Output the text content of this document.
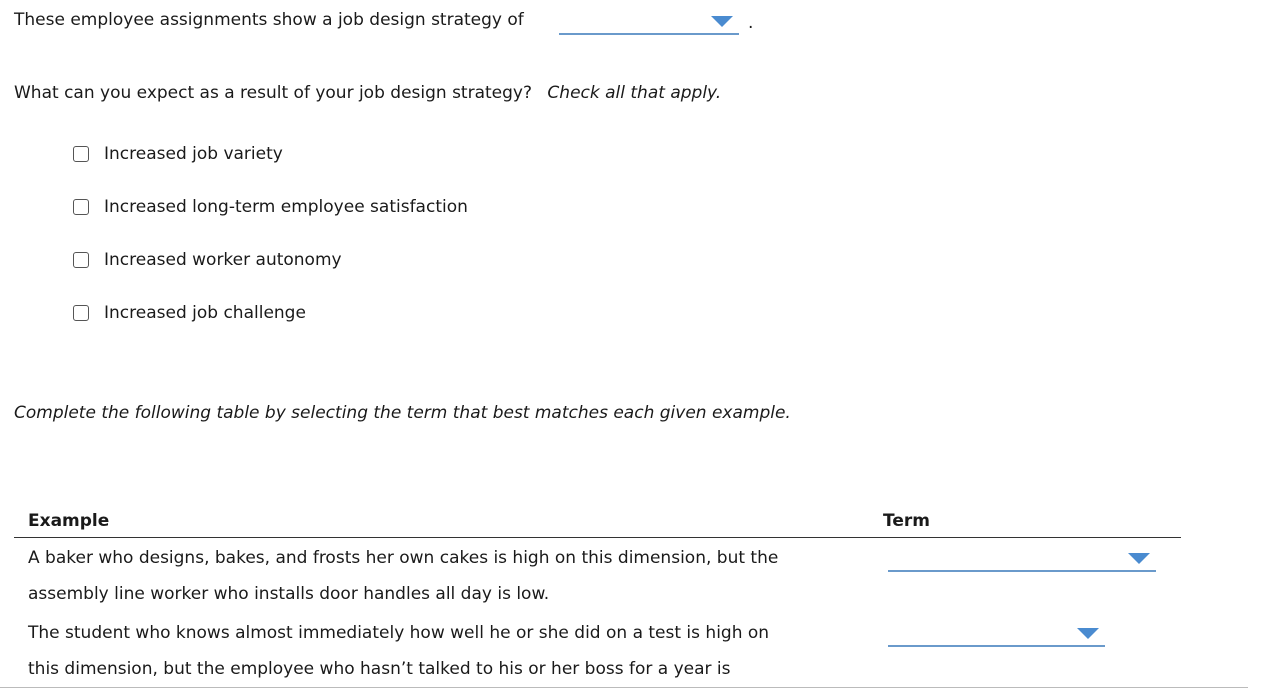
These employee assignments show a job design strategy of	.
What can you expect as a result of your job design strategy? Check all that apply.
Increased job variety
Increased long-term employee satisfaction
Increased worker autonomy
Increased job challenge
Complete the following table by selecting the term that best matches each given example.
Example	Term
A baker who designs, bakes, and frosts her own cakes is high on this dimension, but the
assembly line worker who installs door handles all day is low.
The student who knows almost immediately how well he or she did on a test is high on
this dimension, but the employee who hasn’t talked to his or her boss for a year is
